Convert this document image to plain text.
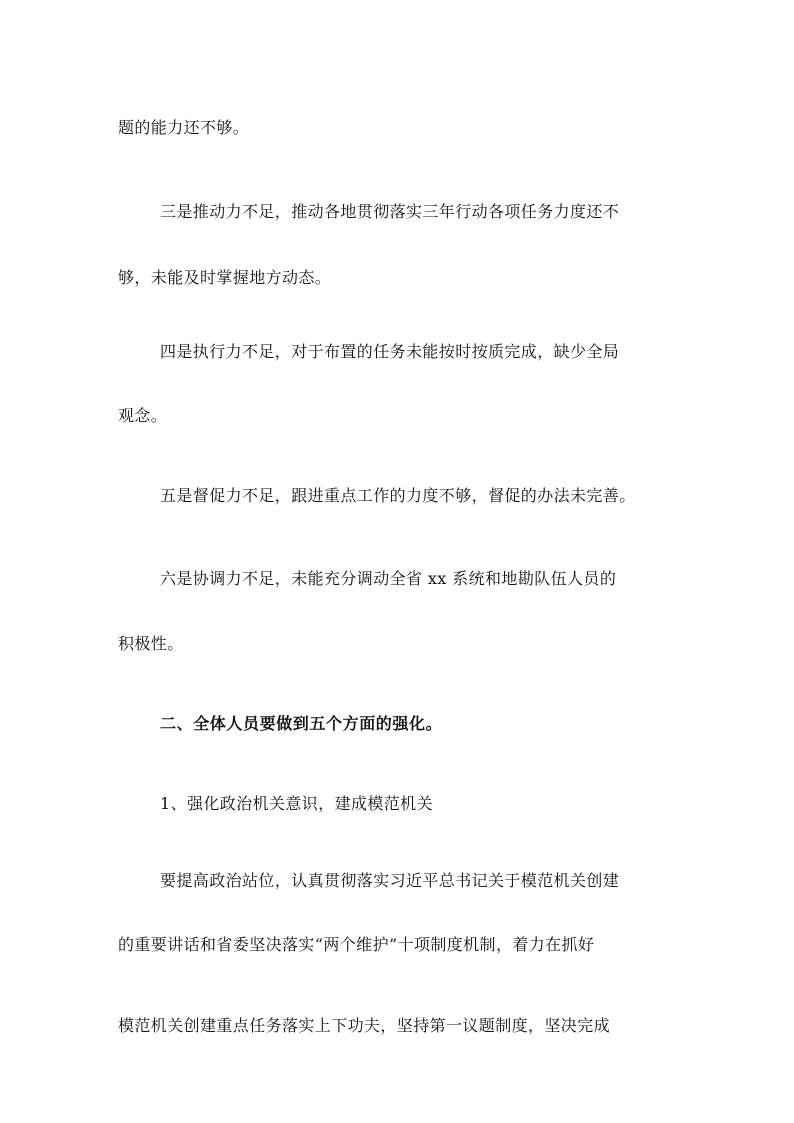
题的能力还不够。
三是推动力不足，推动各地贯彻落实三年行动各项任务力度还不
够，未能及时掌握地方动态。
四是执行力不足，对于布置的任务未能按时按质完成，缺少全局
观念。
五是督促力不足，跟进重点工作的力度不够，督促的办法未完善。
六是协调力不足，未能充分调动全省 xx 系统和地勘队伍人员的
积极性。
二、全体人员要做到五个方面的强化。
1、强化政治机关意识，建成模范机关
要提高政治站位，认真贯彻落实习近平总书记关于模范机关创建
的重要讲话和省委坚决落实“两个维护”十项制度机制，着力在抓好
模范机关创建重点任务落实上下功夫，坚持第一议题制度，坚决完成
